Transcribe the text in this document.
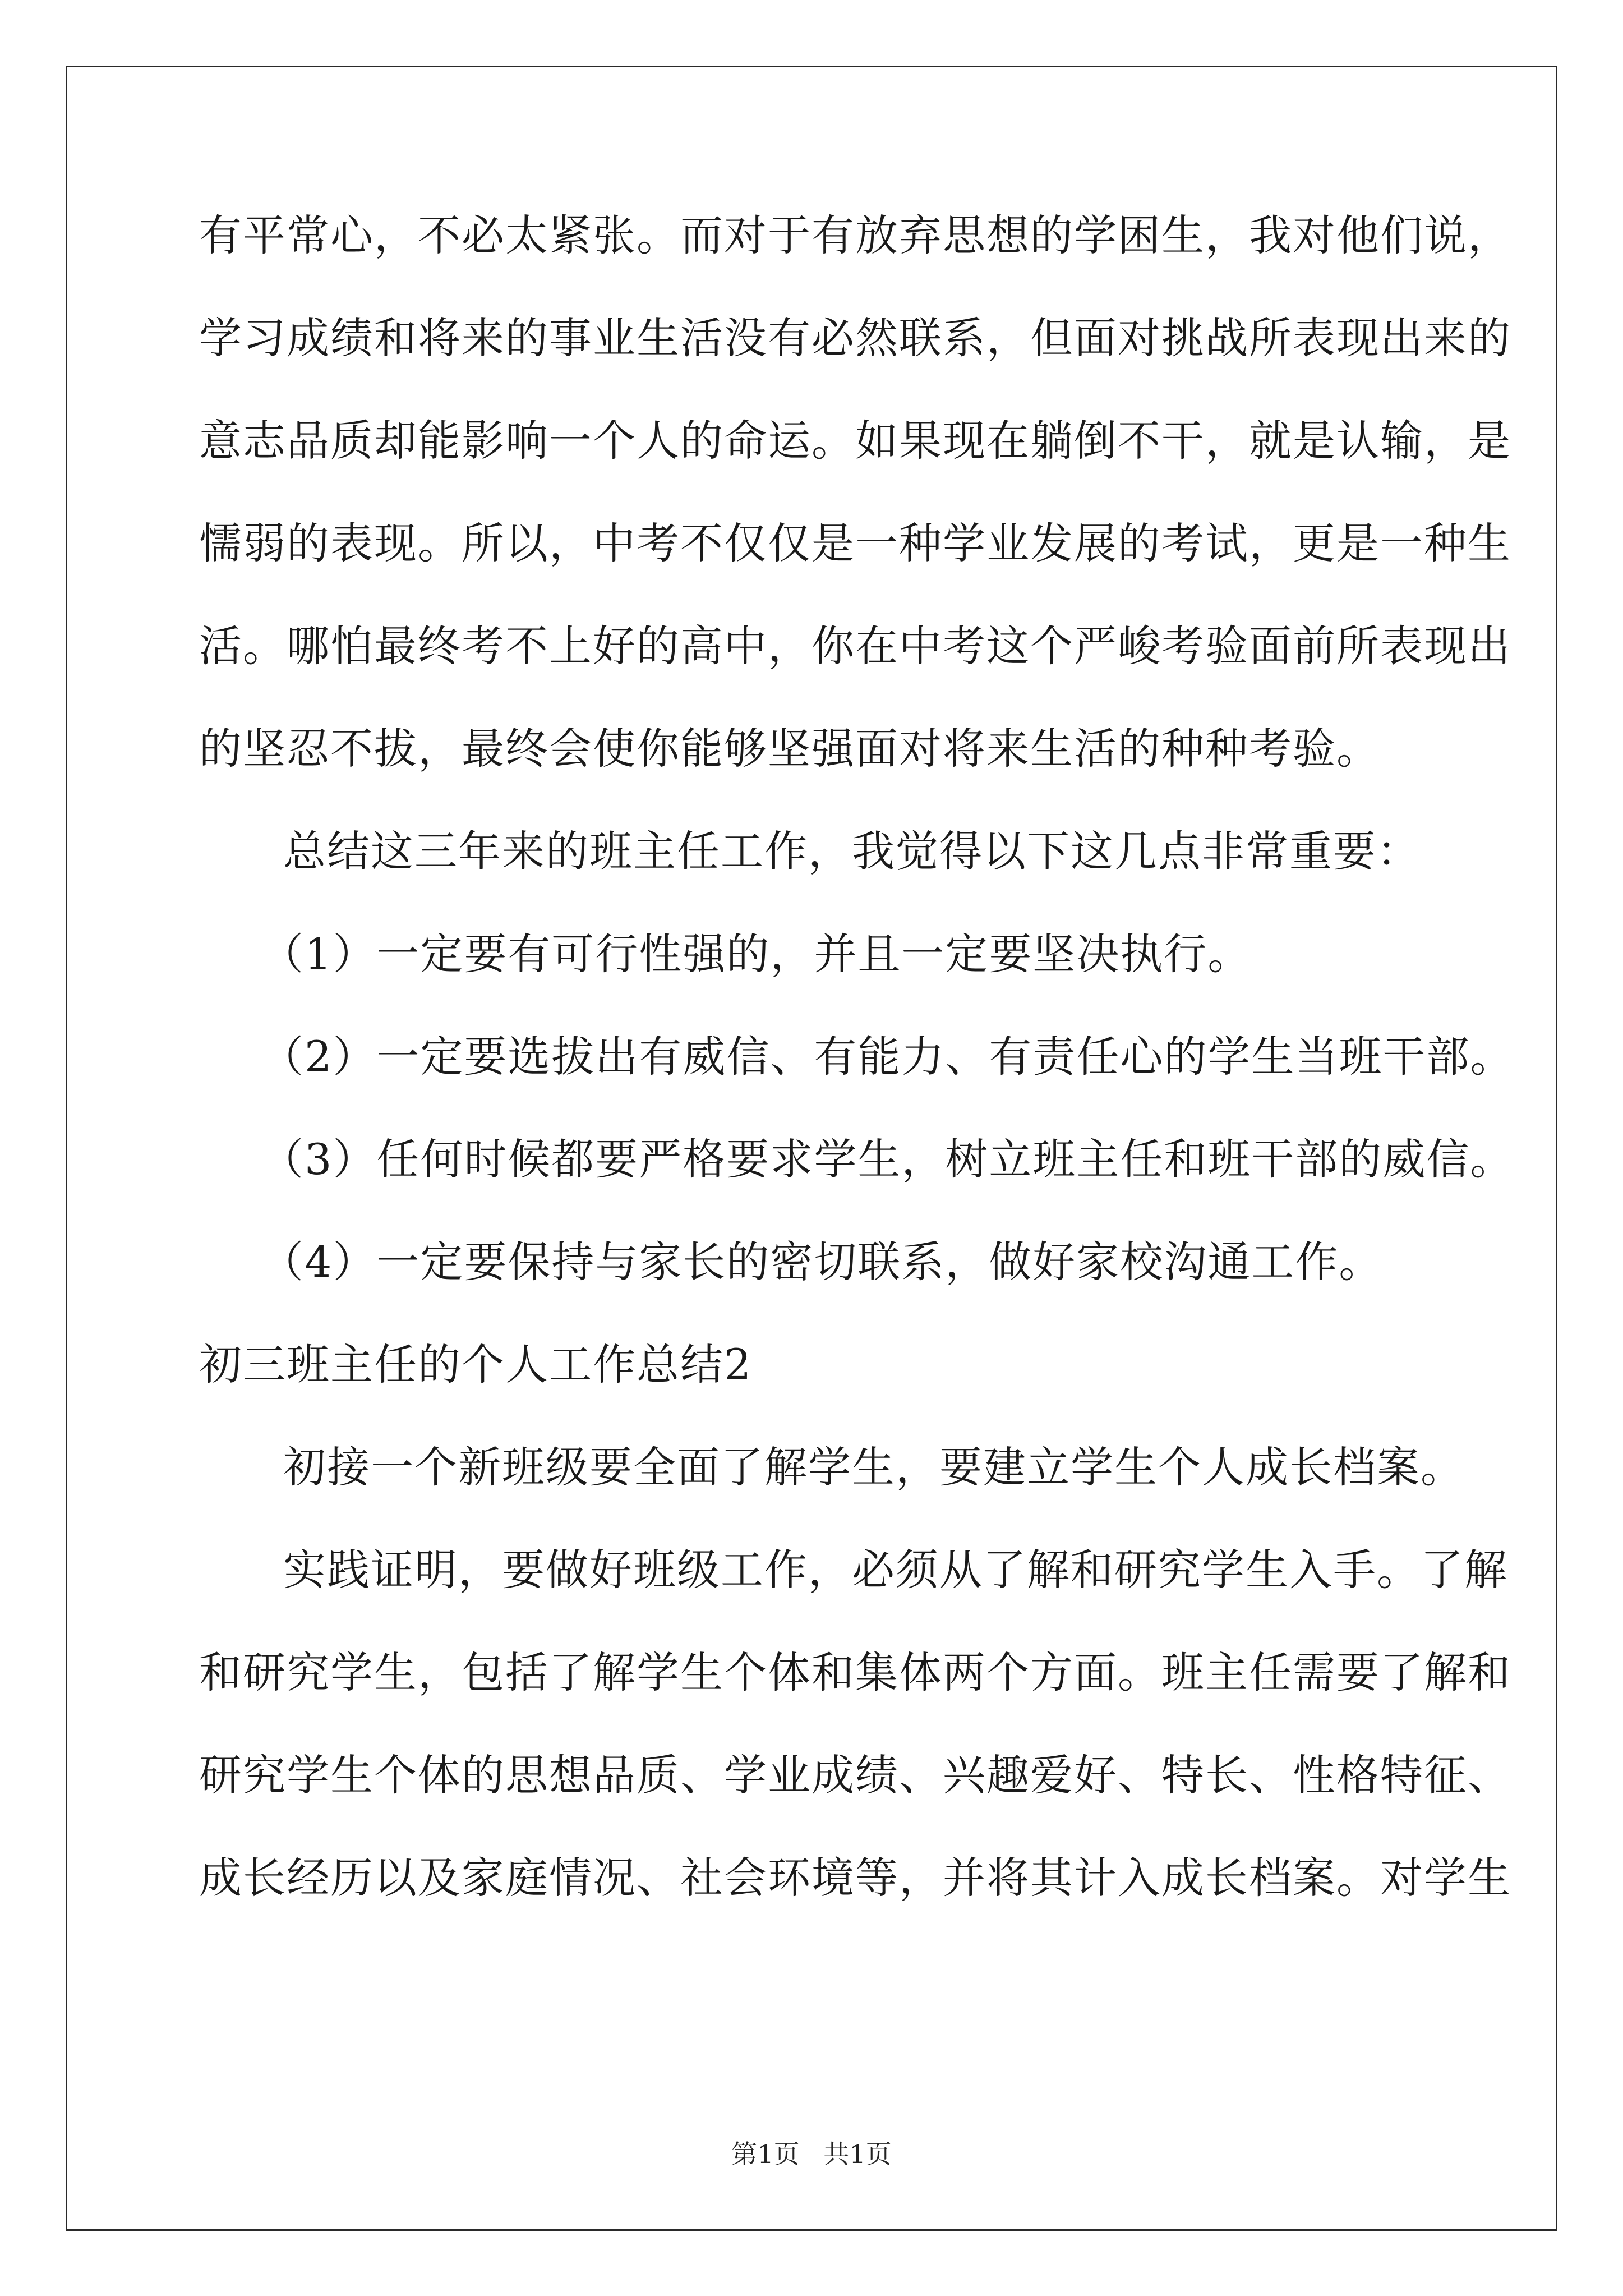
有平常心，不必太紧张。而对于有放弃思想的学困生，我对他们说，
学习成绩和将来的事业生活没有必然联系，但面对挑战所表现出来的
意志品质却能影响一个人的命运。如果现在躺倒不干，就是认输，是
懦弱的表现。所以，中考不仅仅是一种学业发展的考试，更是一种生
活。哪怕最终考不上好的高中，你在中考这个严峻考验面前所表现出
的坚忍不拔，最终会使你能够坚强面对将来生活的种种考验。
总结这三年来的班主任工作，我觉得以下这几点非常重要：
（1）一定要有可行性强的，并且一定要坚决执行。
（2）一定要选拔出有威信、有能力、有责任心的学生当班干部。
（3）任何时候都要严格要求学生，树立班主任和班干部的威信。
（4）一定要保持与家长的密切联系，做好家校沟通工作。
初三班主任的个人工作总结2
初接一个新班级要全面了解学生，要建立学生个人成长档案。
实践证明，要做好班级工作，必须从了解和研究学生入手。了解
和研究学生，包括了解学生个体和集体两个方面。班主任需要了解和
研究学生个体的思想品质、学业成绩、兴趣爱好、特长、性格特征、
成长经历以及家庭情况、社会环境等，并将其计入成长档案。对学生
第1页 共1页
